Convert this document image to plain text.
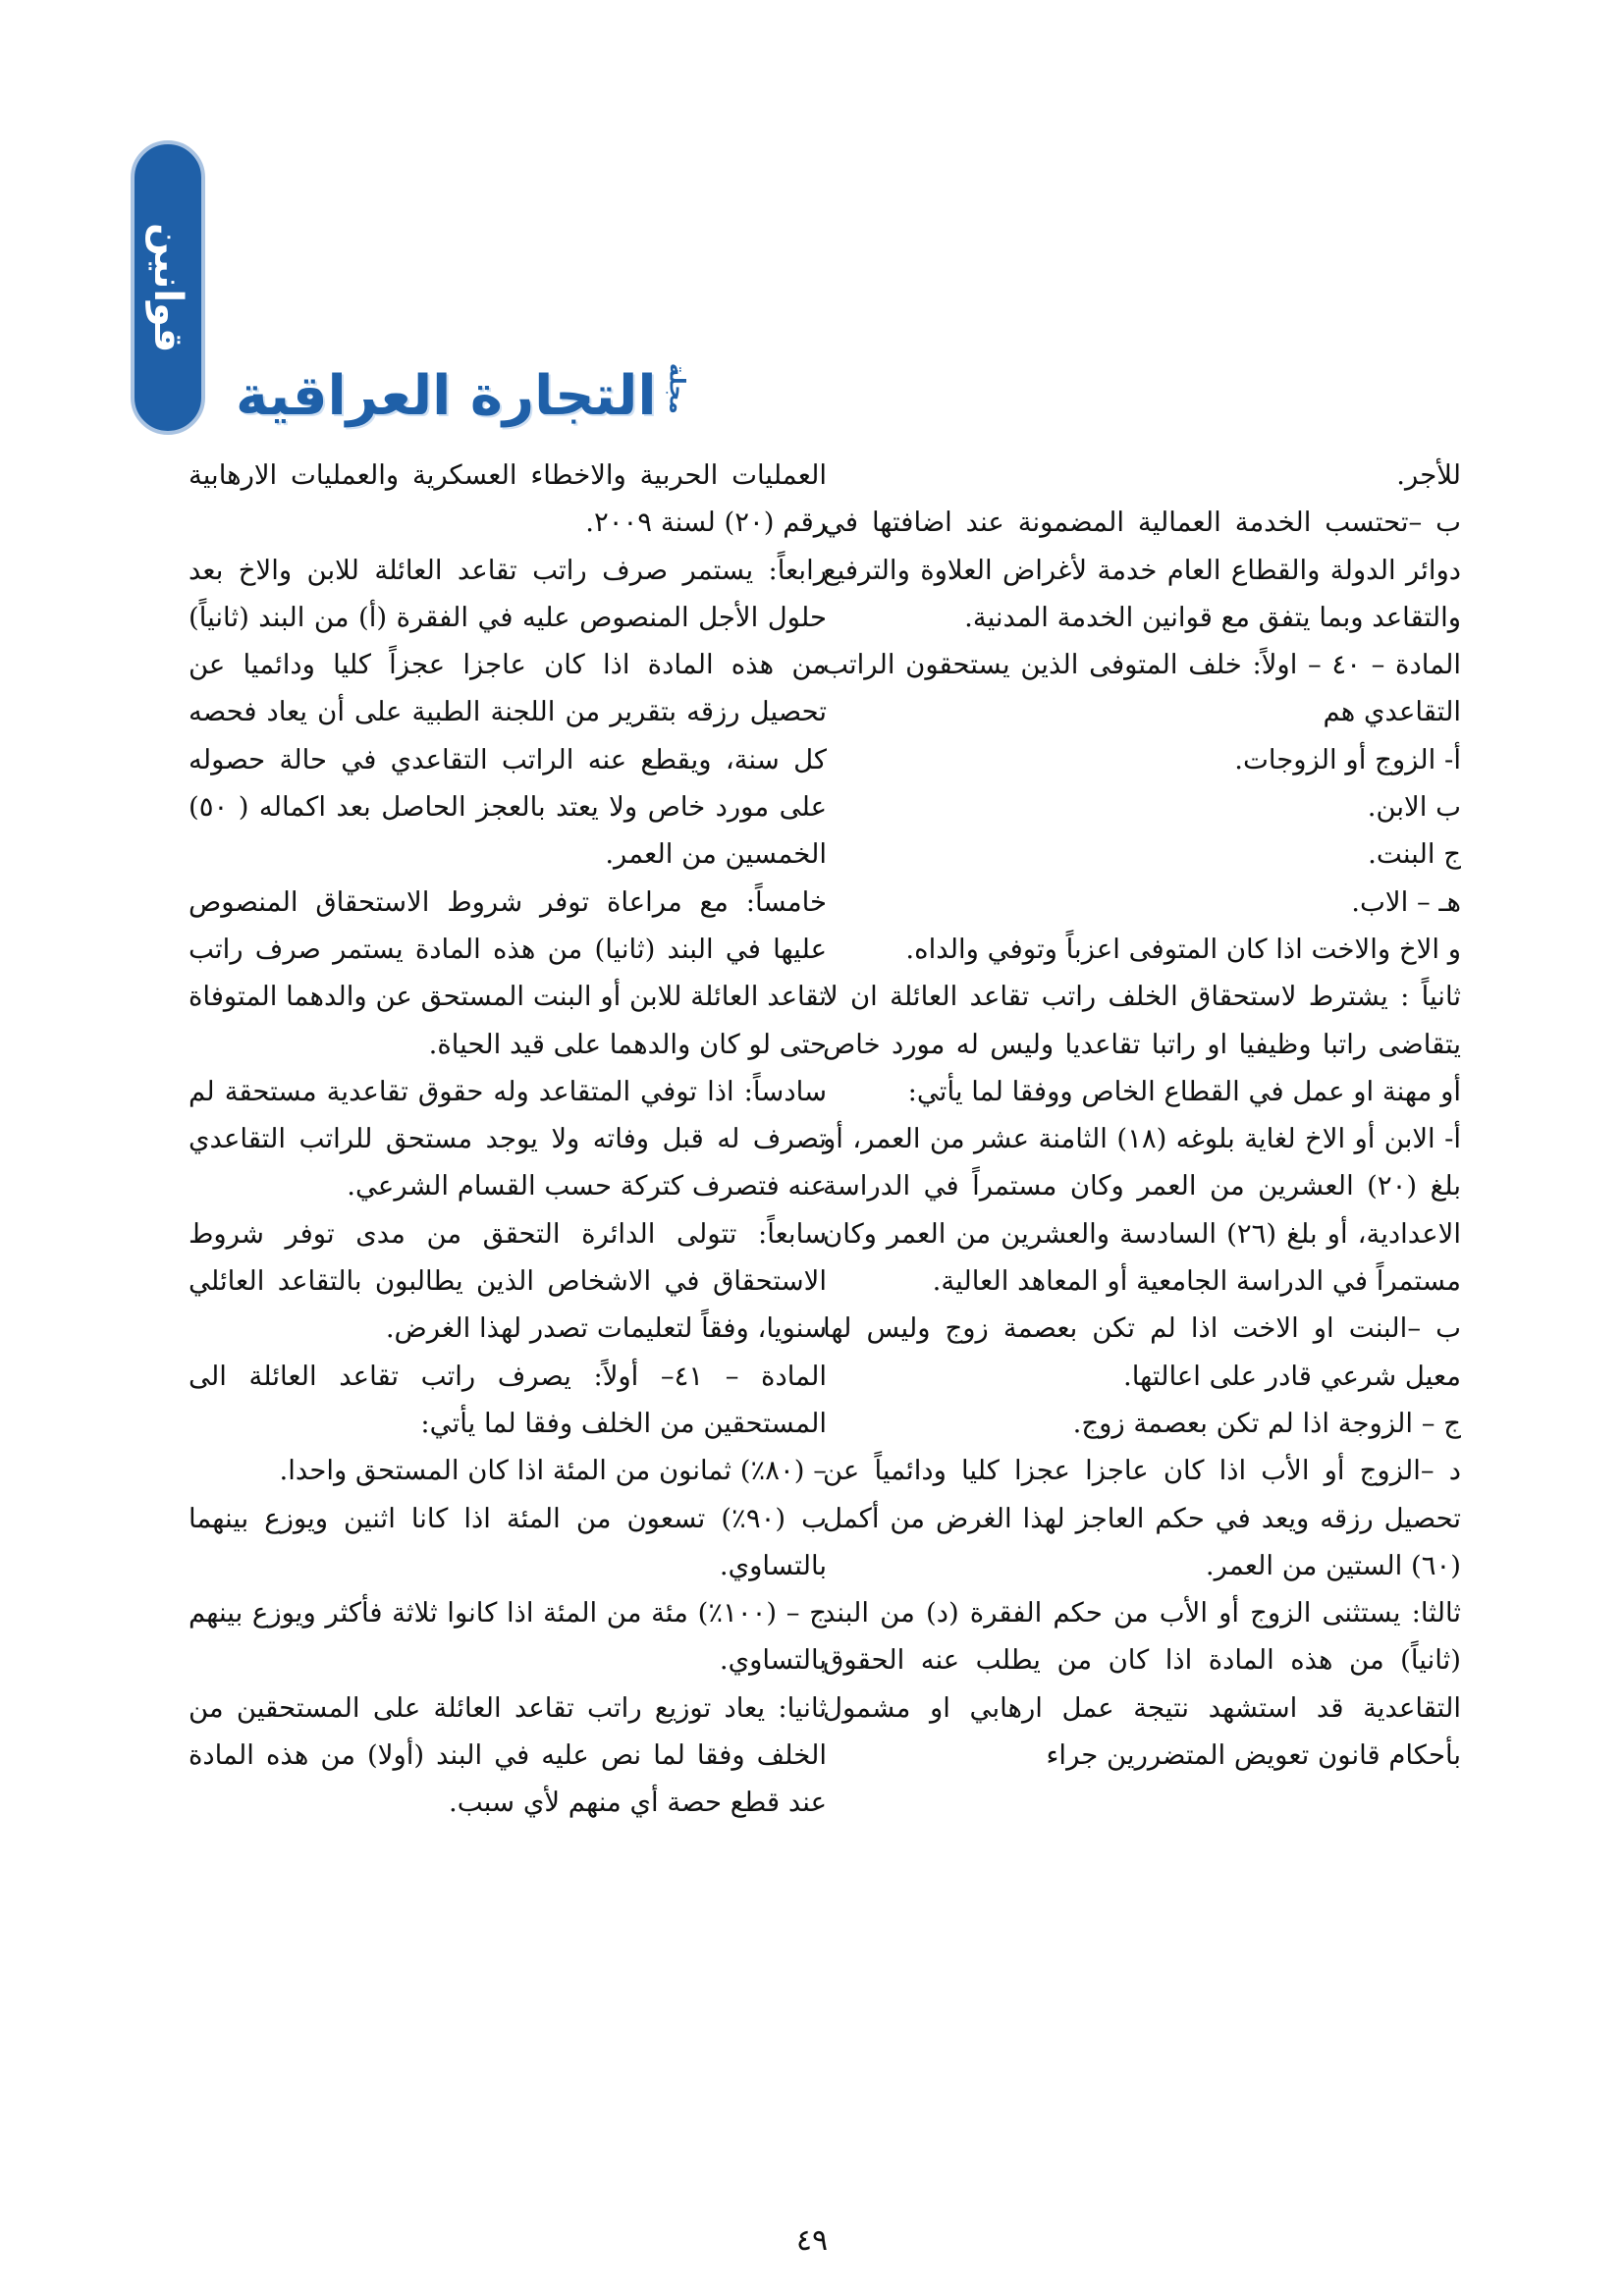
قوانين
مجلة
التجارة العراقية

للأجر.

ب –تحتسب الخدمة العمالية المضمونة عند اضافتها في دوائر الدولة والقطاع العام خدمة لأغراض العلاوة والترفيع والتقاعد وبما يتفق مع قوانين الخدمة المدنية.

المادة – ٤٠ – اولاً: خلف المتوفى الذين يستحقون الراتب التقاعدي هم

أ- الزوج أو الزوجات.

ب الابن.

ج البنت.

هـ – الاب.

و الاخ والاخت اذا كان المتوفى اعزباً وتوفي والداه.

ثانياً : يشترط لاستحقاق الخلف راتب تقاعد العائلة ان لا يتقاضى راتبا وظيفيا او راتبا تقاعديا وليس له مورد خاص أو مهنة او عمل في القطاع الخاص ووفقا لما يأتي:

أ- الابن أو الاخ لغاية بلوغه (١٨) الثامنة عشر من العمر، أو بلغ (٢٠) العشرين من العمر وكان مستمراً في الدراسة الاعدادية، أو بلغ (٢٦) السادسة والعشرين من العمر وكان مستمراً في الدراسة الجامعية أو المعاهد العالية.

ب –البنت او الاخت اذا لم تكن بعصمة زوج وليس لها معيل شرعي قادر على اعالتها.

ج – الزوجة اذا لم تكن بعصمة زوج.

د –الزوج أو الأب اذا كان عاجزا عجزا كليا ودائمياً عن تحصيل رزقه ويعد في حكم العاجز لهذا الغرض من أكمل (٦٠) الستين من العمر.

ثالثا: يستثنى الزوج أو الأب من حكم الفقرة (د) من البند (ثانياً) من هذه المادة اذا كان من يطلب عنه الحقوق التقاعدية قد استشهد نتيجة عمل ارهابي او مشمول بأحكام قانون تعويض المتضررين جراء

العمليات الحربية والاخطاء العسكرية والعمليات الارهابية رقم (٢٠) لسنة ٢٠٠٩.

رابعاً: يستمر صرف راتب تقاعد العائلة للابن والاخ بعد حلول الأجل المنصوص عليه في الفقرة (أ) من البند (ثانياً) من هذه المادة اذا كان عاجزا عجزاً كليا ودائميا عن تحصيل رزقه بتقرير من اللجنة الطبية على أن يعاد فحصه كل سنة، ويقطع عنه الراتب التقاعدي في حالة حصوله على مورد خاص ولا يعتد بالعجز الحاصل بعد اكماله ( ٥٠) الخمسين من العمر.

خامساً: مع مراعاة توفر شروط الاستحقاق المنصوص عليها في البند (ثانيا) من هذه المادة يستمر صرف راتب تقاعد العائلة للابن أو البنت المستحق عن والدهما المتوفاة حتى لو كان والدهما على قيد الحياة.

سادساً: اذا توفي المتقاعد وله حقوق تقاعدية مستحقة لم تصرف له قبل وفاته ولا يوجد مستحق للراتب التقاعدي عنه فتصرف كتركة حسب القسام الشرعي.

سابعاً: تتولى الدائرة التحقق من مدى توفر شروط الاستحقاق في الاشخاص الذين يطالبون بالتقاعد العائلي سنويا، وفقاً لتعليمات تصدر لهذا الغرض.

المادة – ٤١– أولاً: يصرف راتب تقاعد العائلة الى المستحقين من الخلف وفقا لما يأتي:

– (٨٠٪) ثمانون من المئة اذا كان المستحق واحدا.

ب (٩٠٪) تسعون من المئة اذا كانا اثنين ويوزع بينهما بالتساوي.

ج – (١٠٠٪) مئة من المئة اذا كانوا ثلاثة فأكثر ويوزع بينهم بالتساوي.

ثانيا: يعاد توزيع راتب تقاعد العائلة على المستحقين من الخلف وفقا لما نص عليه في البند (أولا) من هذه المادة عند قطع حصة أي منهم لأي سبب.

٤٩
